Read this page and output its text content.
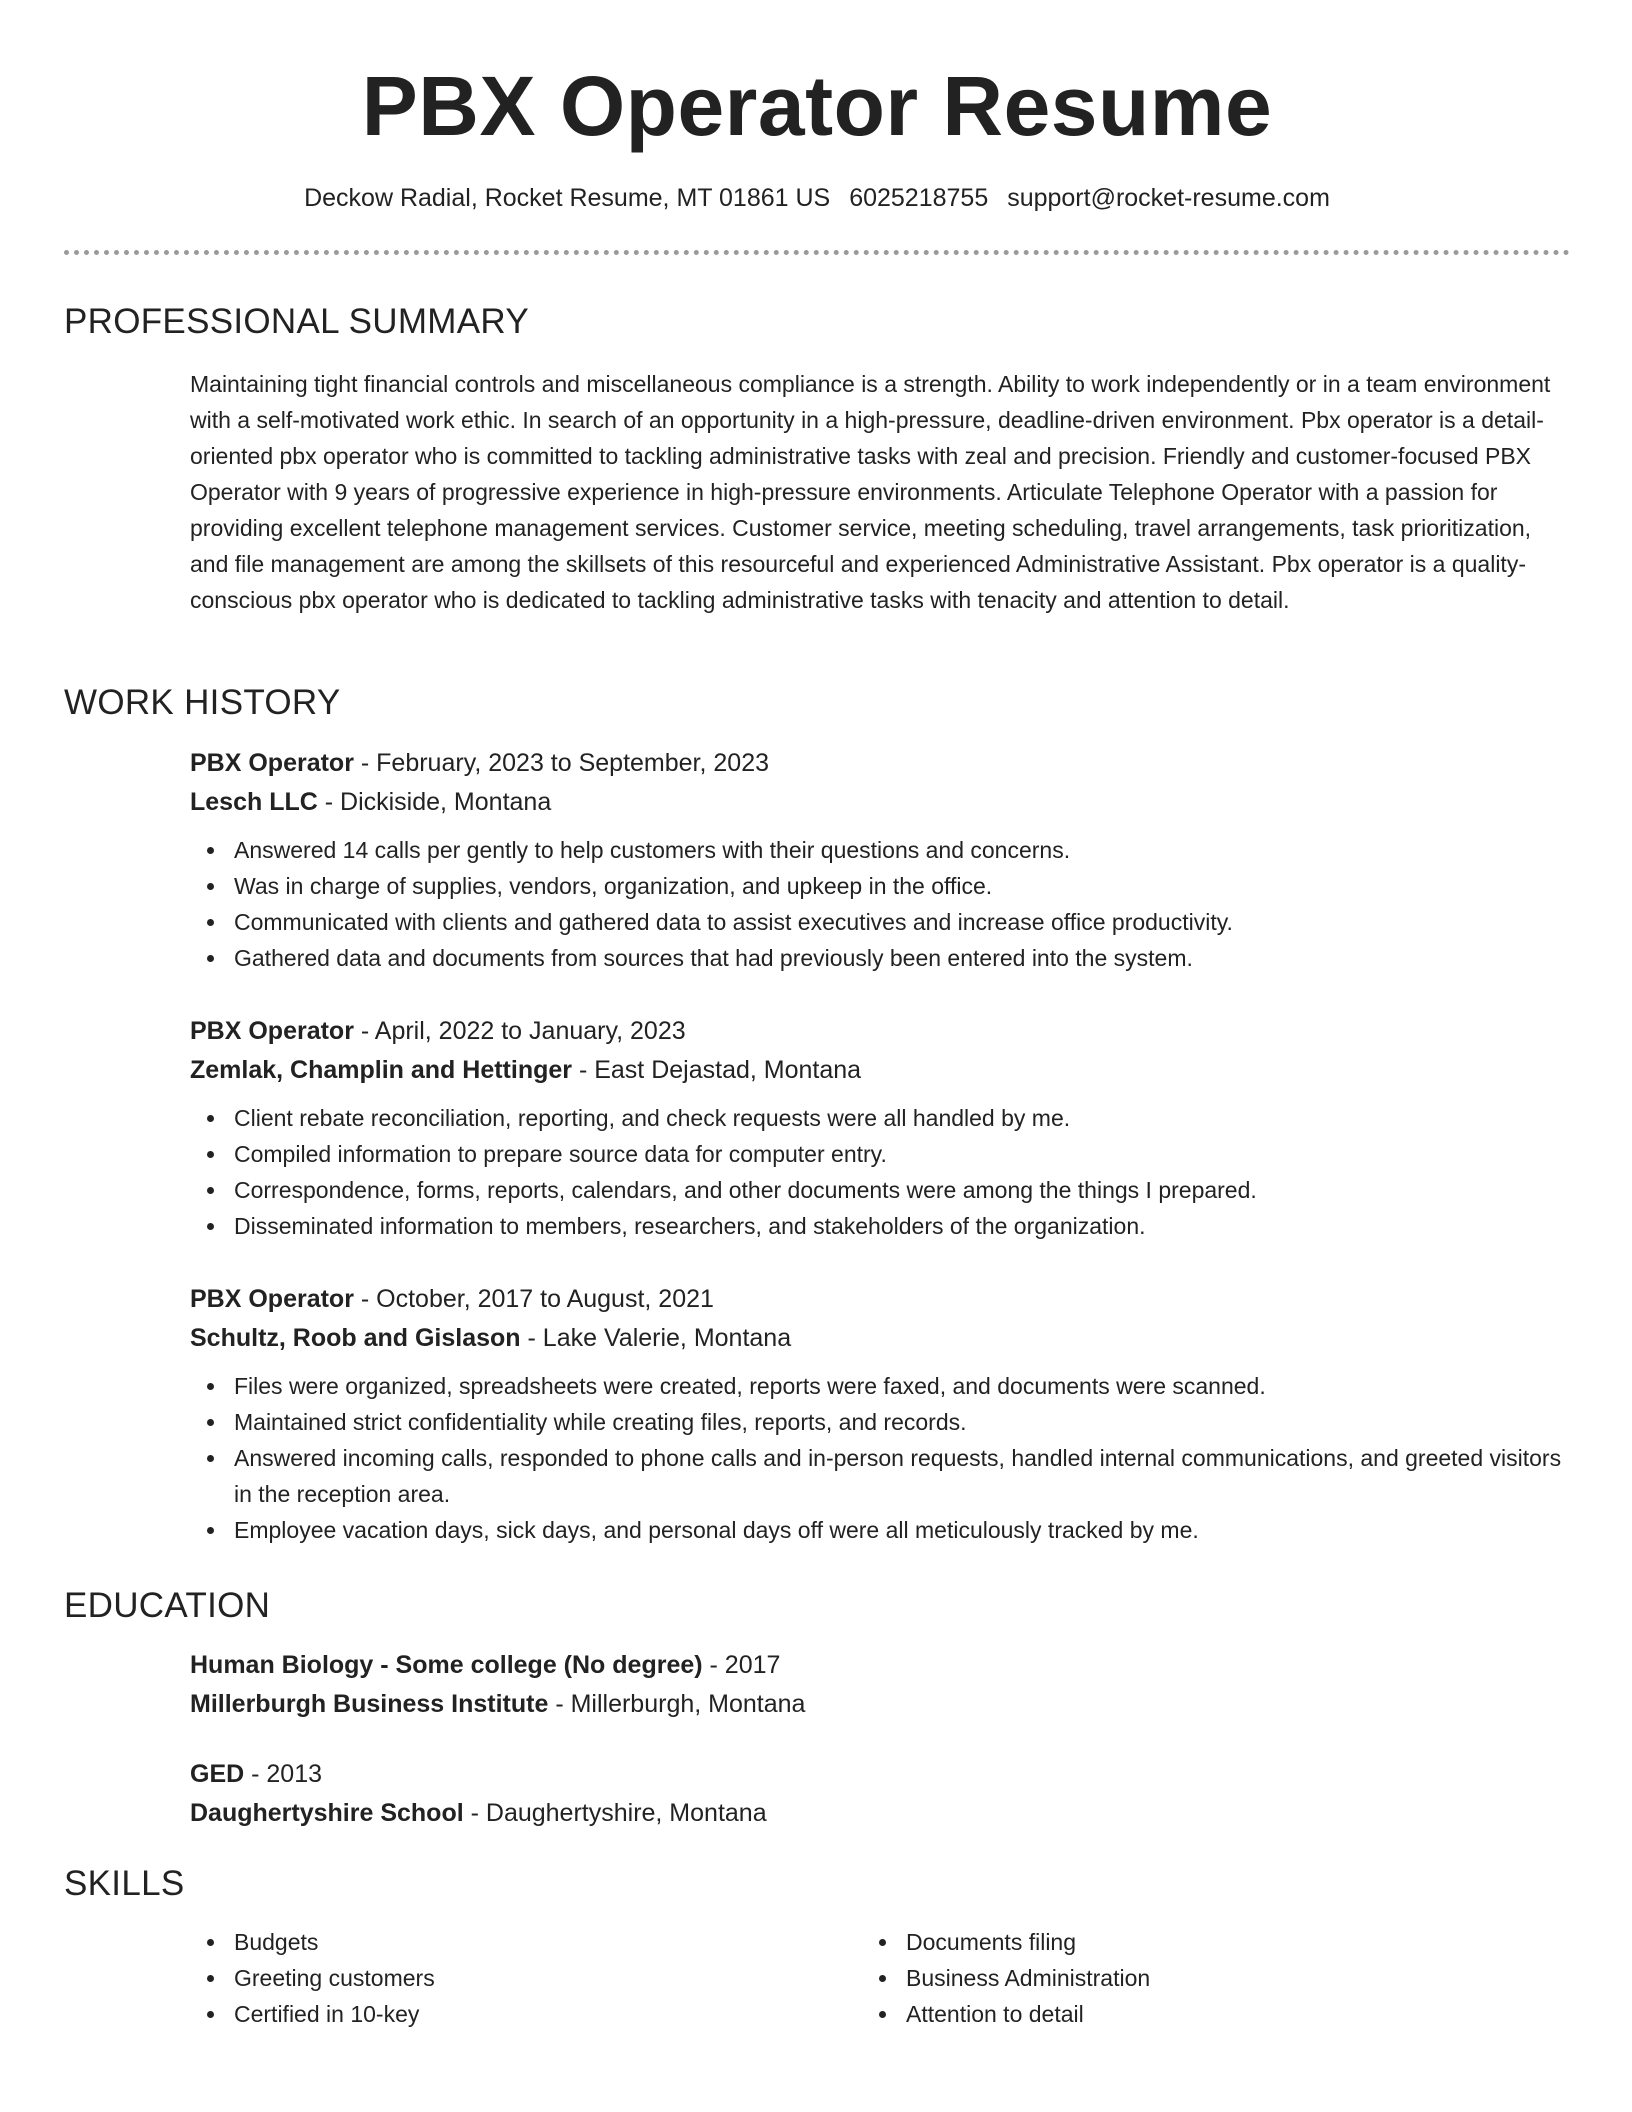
PBX Operator Resume
Deckow Radial, Rocket Resume, MT 01861 US 6025218755 support@rocket-resume.com
PROFESSIONAL SUMMARY

Maintaining tight financial controls and miscellaneous compliance is a strength. Ability to work independently or in a team environment with a self-motivated work ethic. In search of an opportunity in a high-pressure, deadline-driven environment. Pbx operator is a detail-oriented pbx operator who is committed to tackling administrative tasks with zeal and precision. Friendly and customer-focused PBX Operator with 9 years of progressive experience in high-pressure environments. Articulate Telephone Operator with a passion for providing excellent telephone management services. Customer service, meeting scheduling, travel arrangements, task prioritization, and file management are among the skillsets of this resourceful and experienced Administrative Assistant. Pbx operator is a quality-conscious pbx operator who is dedicated to tackling administrative tasks with tenacity and attention to detail.

WORK HISTORY
PBX Operator - February, 2023 to September, 2023
Lesch LLC - Dickiside, Montana
Answered 14 calls per gently to help customers with their questions and concerns.
Was in charge of supplies, vendors, organization, and upkeep in the office.
Communicated with clients and gathered data to assist executives and increase office productivity.
Gathered data and documents from sources that had previously been entered into the system.
PBX Operator - April, 2022 to January, 2023
Zemlak, Champlin and Hettinger - East Dejastad, Montana
Client rebate reconciliation, reporting, and check requests were all handled by me.
Compiled information to prepare source data for computer entry.
Correspondence, forms, reports, calendars, and other documents were among the things I prepared.
Disseminated information to members, researchers, and stakeholders of the organization.
PBX Operator - October, 2017 to August, 2021
Schultz, Roob and Gislason - Lake Valerie, Montana
Files were organized, spreadsheets were created, reports were faxed, and documents were scanned.
Maintained strict confidentiality while creating files, reports, and records.
Answered incoming calls, responded to phone calls and in-person requests, handled internal communications, and greeted visitors in the reception area.
Employee vacation days, sick days, and personal days off were all meticulously tracked by me.
EDUCATION
Human Biology - Some college (No degree) - 2017
Millerburgh Business Institute - Millerburgh, Montana
GED - 2013
Daughertyshire School - Daughertyshire, Montana
SKILLS
Budgets
Greeting customers
Certified in 10-key
Documents filing
Business Administration
Attention to detail
